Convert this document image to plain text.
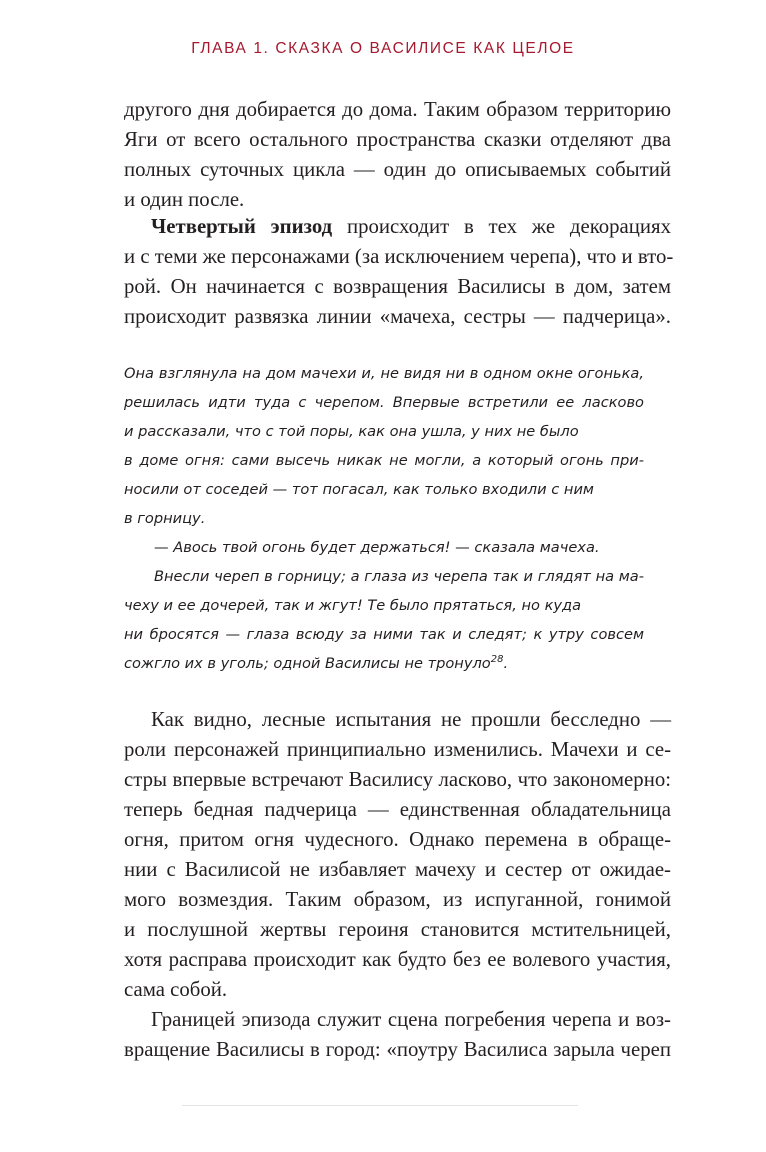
ГЛАВА 1. СКАЗКА О ВАСИЛИСЕ КАК ЦЕЛОЕ
другого дня добирается до дома. Таким образом территорию
Яги от всего остального пространства сказки отделяют два
полных суточных цикла — один до описываемых событий
и один после.
Четвертый эпизод происходит в тех же декорациях
и с теми же персонажами (за исключением черепа), что и вто-
рой. Он начинается с возвращения Василисы в дом, затем
происходит развязка линии «мачеха, сестры — падчерица».
Она взглянула на дом мачехи и, не видя ни в одном окне огонька,
решилась идти туда с черепом. Впервые встретили ее ласково
и рассказали, что с той поры, как она ушла, у них не было
в доме огня: сами высечь никак не могли, а который огонь при-
носили от соседей — тот погасал, как только входили с ним
в горницу.
— Авось твой огонь будет держаться! — сказала мачеха.
Внесли череп в горницу; а глаза из черепа так и глядят на ма-
чеху и ее дочерей, так и жгут! Те было прятаться, но куда
ни бросятся — глаза всюду за ними так и следят; к утру совсем
сожгло их в уголь; одной Василисы не тронуло$^{28}$.
Как видно, лесные испытания не прошли бесследно —
роли персонажей принципиально изменились. Мачехи и се-
стры впервые встречают Василису ласково, что закономерно:
теперь бедная падчерица — единственная обладательница
огня, притом огня чудесного. Однако перемена в обраще-
нии с Василисой не избавляет мачеху и сестер от ожидае-
мого возмездия. Таким образом, из испуганной, гонимой
и послушной жертвы героиня становится мстительницей,
хотя расправа происходит как будто без ее волевого участия,
сама собой.
Границей эпизода служит сцена погребения черепа и воз-
вращение Василисы в город: «поутру Василиса зарыла череп
